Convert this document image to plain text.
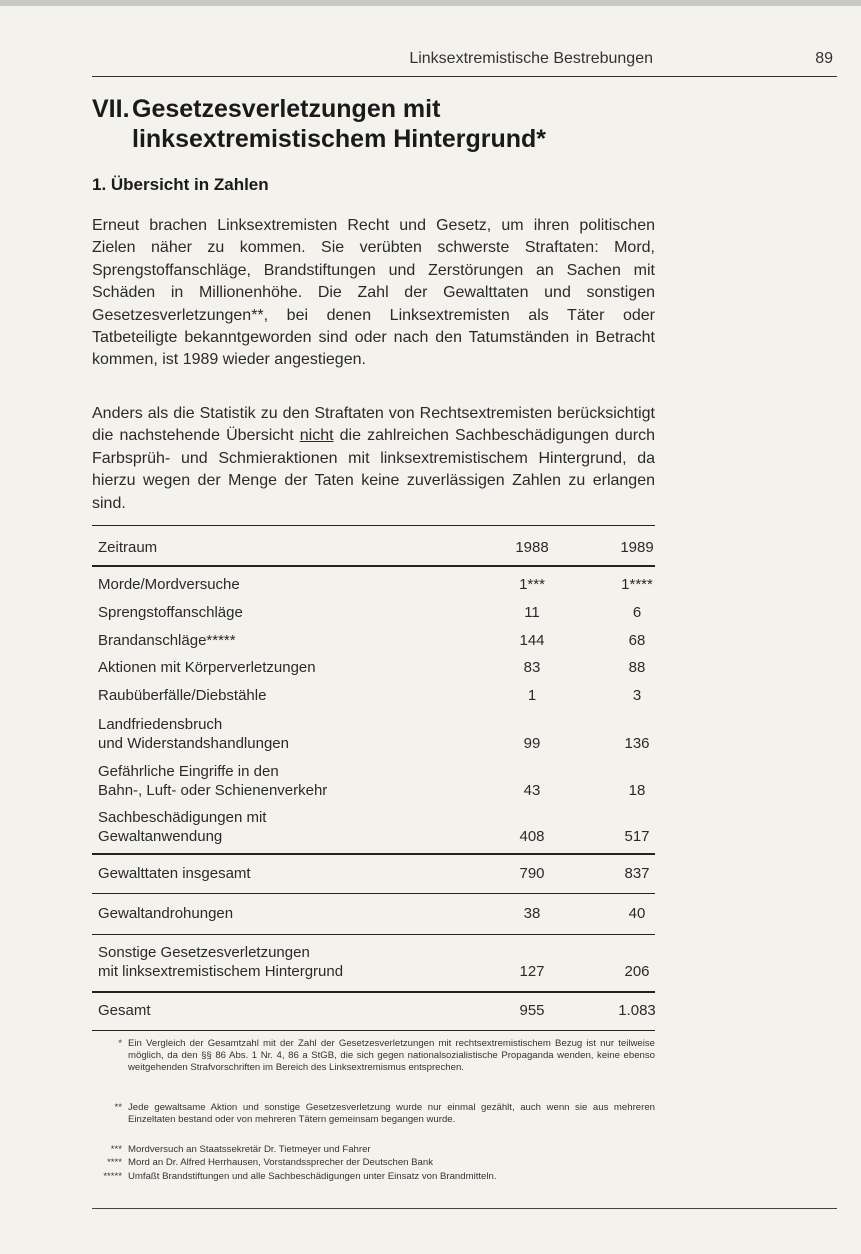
Linksextremistische Bestrebungen	89
VII. Gesetzesverletzungen mit linksextremistischem Hintergrund*
1. Übersicht in Zahlen

Erneut brachen Linksextremisten Recht und Gesetz, um ihren politischen Zielen näher zu kommen. Sie verübten schwerste Straftaten: Mord, Sprengstoffanschläge, Brandstiftungen und Zerstörungen an Sachen mit Schäden in Millionenhöhe. Die Zahl der Gewalttaten und sonstigen Gesetzesverletzungen**, bei denen Linksextremisten als Täter oder Tatbeteiligte bekanntgeworden sind oder nach den Tatumständen in Betracht kommen, ist 1989 wieder angestiegen.

Anders als die Statistik zu den Straftaten von Rechtsextremisten berücksichtigt die nachstehende Übersicht nicht die zahlreichen Sachbeschädigungen durch Farbsprüh- und Schmieraktionen mit linksextremistischem Hintergrund, da hierzu wegen der Menge der Taten keine zuverlässigen Zahlen zu erlangen sind.

Zeitraum	1988	1989
Morde/Mordversuche	1***	1****
Sprengstoffanschläge	11	6
Brandanschläge*****	144	68
Aktionen mit Körperverletzungen	83	88
Raubüberfälle/Diebstähle	1	3
Landfriedensbruch
und Widerstandshandlungen	99	136
Gefährliche Eingriffe in den
Bahn-, Luft- oder Schienenverkehr	43	18
Sachbeschädigungen mit
Gewaltanwendung	408	517
Gewalttaten insgesamt	790	837
Gewaltandrohungen	38	40
Sonstige Gesetzesverletzungen
mit linksextremistischem Hintergrund	127	206
Gesamt	955	1.083
* Ein Vergleich der Gesamtzahl mit der Zahl der Gesetzesverletzungen mit rechtsextremistischem Bezug ist nur teilweise möglich, da den §§ 86 Abs. 1 Nr. 4, 86 a StGB, die sich gegen nationalsozialistische Propaganda wenden, keine ebenso weitgehenden Strafvorschriften im Bereich des Linksextremismus entsprechen.
** Jede gewaltsame Aktion und sonstige Gesetzesverletzung wurde nur einmal gezählt, auch wenn sie aus mehreren Einzeltaten bestand oder von mehreren Tätern gemeinsam begangen wurde.
*** Mordversuch an Staatssekretär Dr. Tietmeyer und Fahrer
**** Mord an Dr. Alfred Herrhausen, Vorstandssprecher der Deutschen Bank
***** Umfaßt Brandstiftungen und alle Sachbeschädigungen unter Einsatz von Brandmitteln.
